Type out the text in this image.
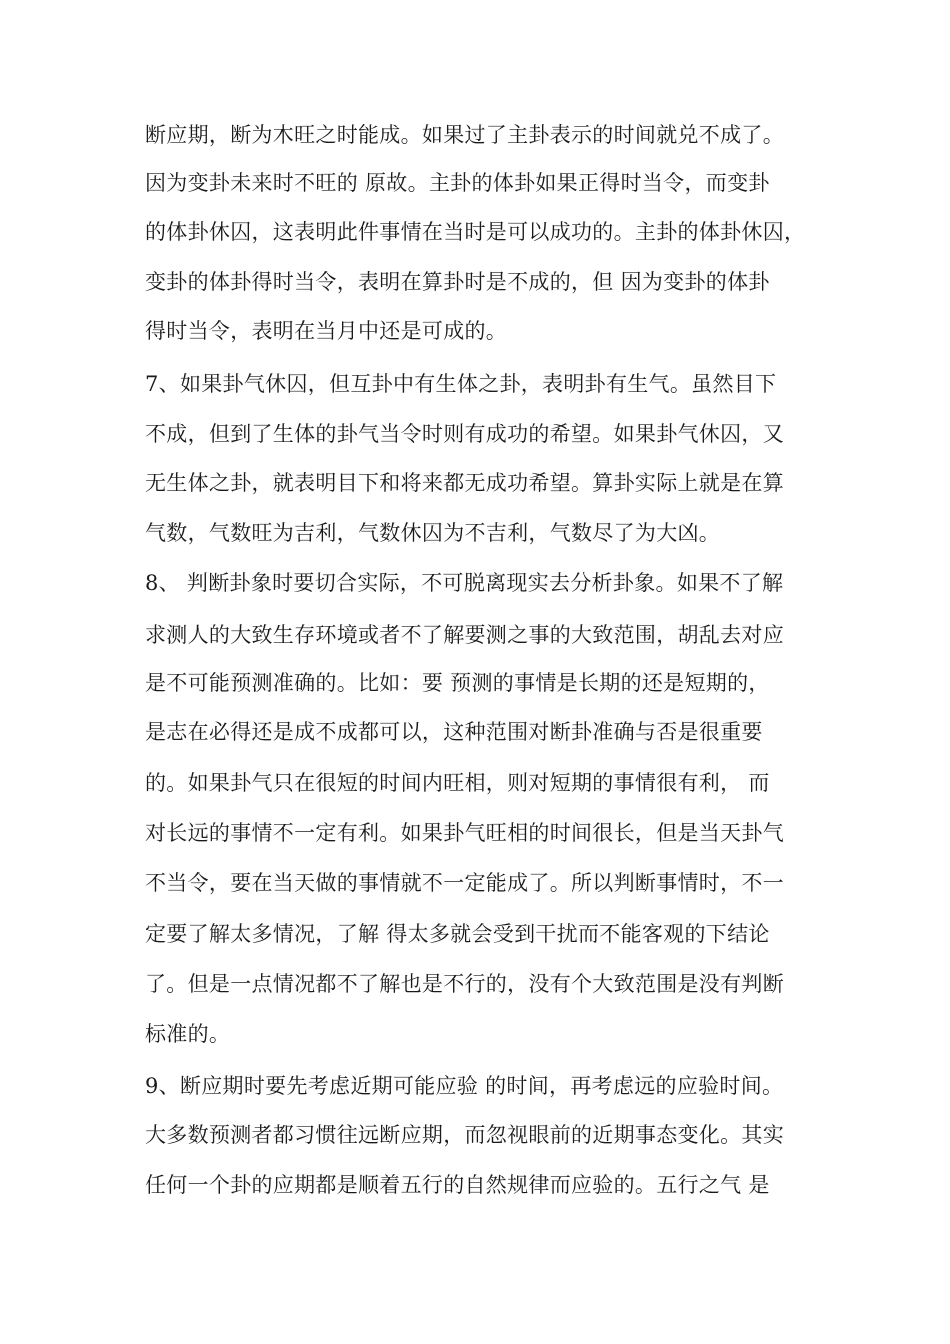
断应期，断为木旺之时能成。如果过了主卦表示的时间就兑不成了。
因为变卦未来时不旺的 原故。主卦的体卦如果正得时当令，而变卦
的体卦休囚，这表明此件事情在当时是可以成功的。主卦的体卦休囚，
变卦的体卦得时当令，表明在算卦时是不成的，但 因为变卦的体卦
得时当令，表明在当月中还是可成的。
7、如果卦气休囚，但互卦中有生体之卦，表明卦有生气。虽然目下
不成，但到了生体的卦气当令时则有成功的希望。如果卦气休囚，又
无生体之卦，就表明目下和将来都无成功希望。算卦实际上就是在算
气数，气数旺为吉利，气数休囚为不吉利，气数尽了为大凶。
8、 判断卦象时要切合实际，不可脱离现实去分析卦象。如果不了解
求测人的大致生存环境或者不了解要测之事的大致范围，胡乱去对应
是不可能预测准确的。比如：要 预测的事情是长期的还是短期的，
是志在必得还是成不成都可以，这种范围对断卦准确与否是很重要
的。如果卦气只在很短的时间内旺相，则对短期的事情很有利， 而
对长远的事情不一定有利。如果卦气旺相的时间很长，但是当天卦气
不当令，要在当天做的事情就不一定能成了。所以判断事情时，不一
定要了解太多情况，了解 得太多就会受到干扰而不能客观的下结论
了。但是一点情况都不了解也是不行的，没有个大致范围是没有判断
标准的。
9、断应期时要先考虑近期可能应验 的时间，再考虑远的应验时间。
大多数预测者都习惯往远断应期，而忽视眼前的近期事态变化。其实
任何一个卦的应期都是顺着五行的自然规律而应验的。五行之气 是
